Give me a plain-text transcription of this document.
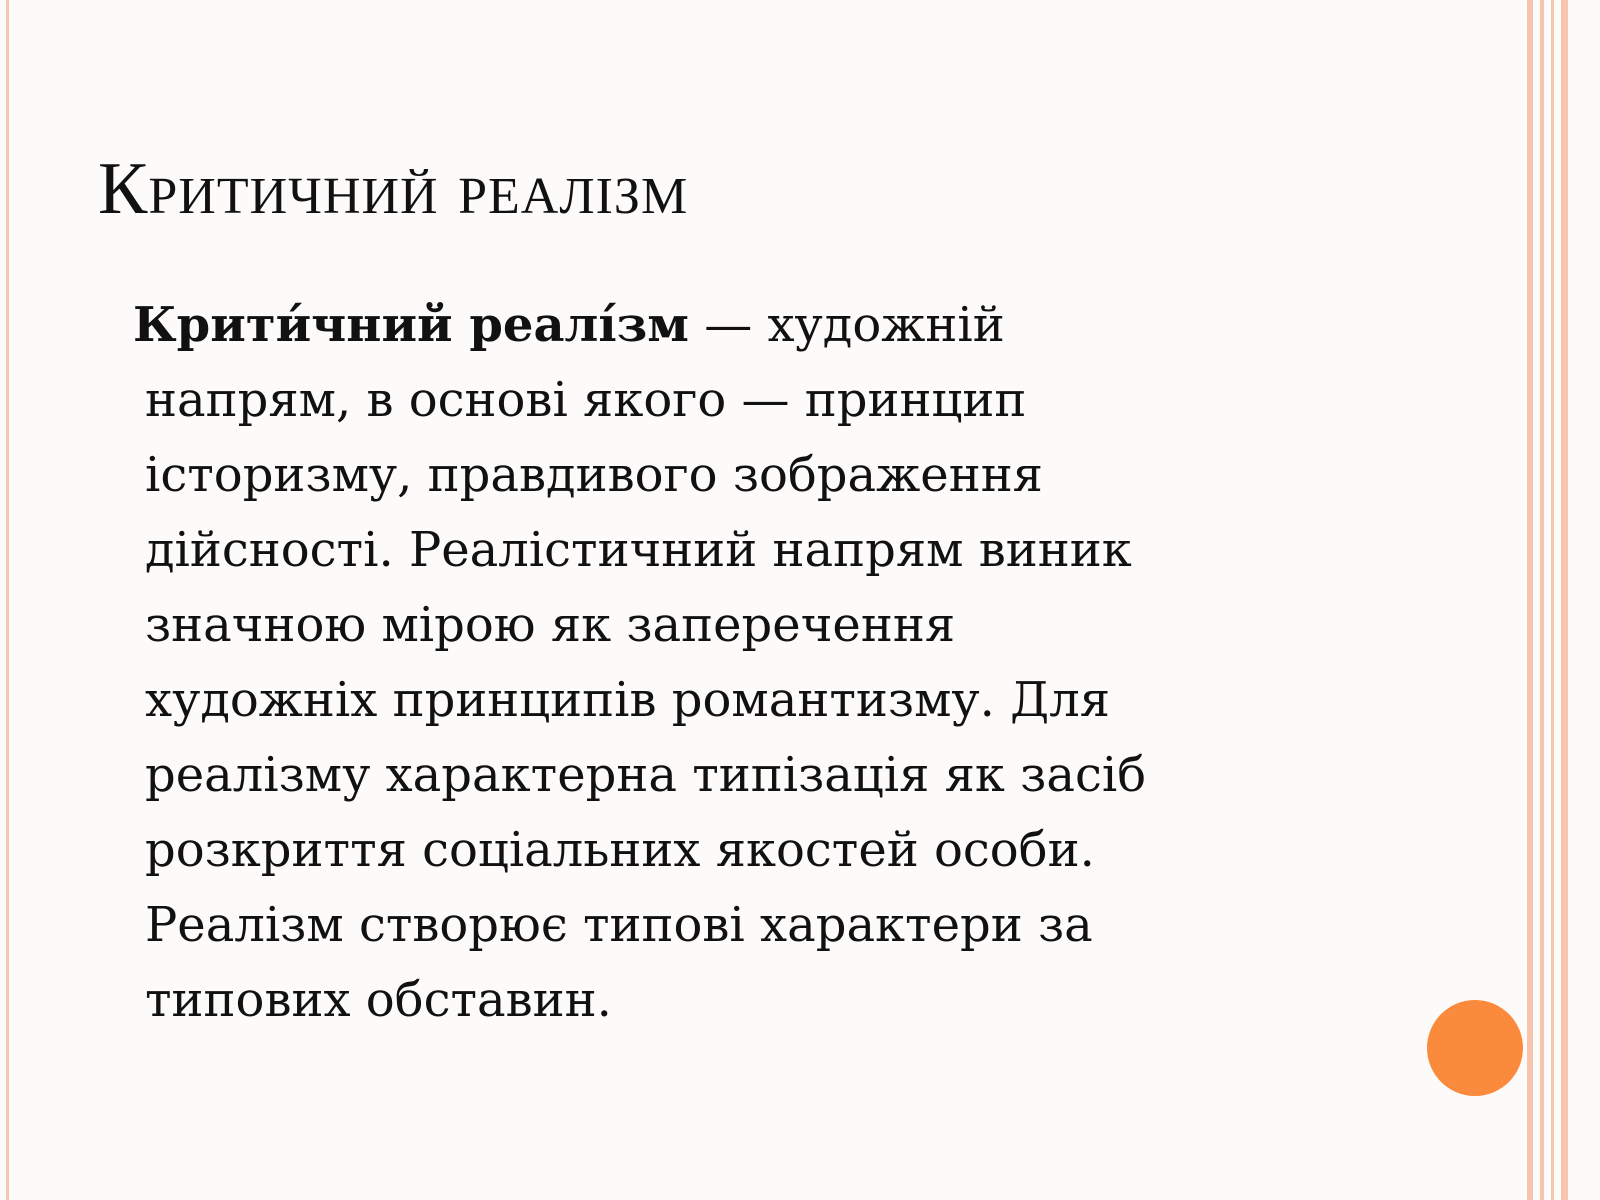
Критичний реалізм
Крити́чний реалі́зм — художній
напрям, в основі якого — принцип
історизму, правдивого зображення
дійсності. Реалістичний напрям виник
значною мірою як заперечення
художніх принципів романтизму. Для
реалізму характерна типізація як засіб
розкриття соціальних якостей особи.
Реалізм створює типові характери за
типових обставин.
